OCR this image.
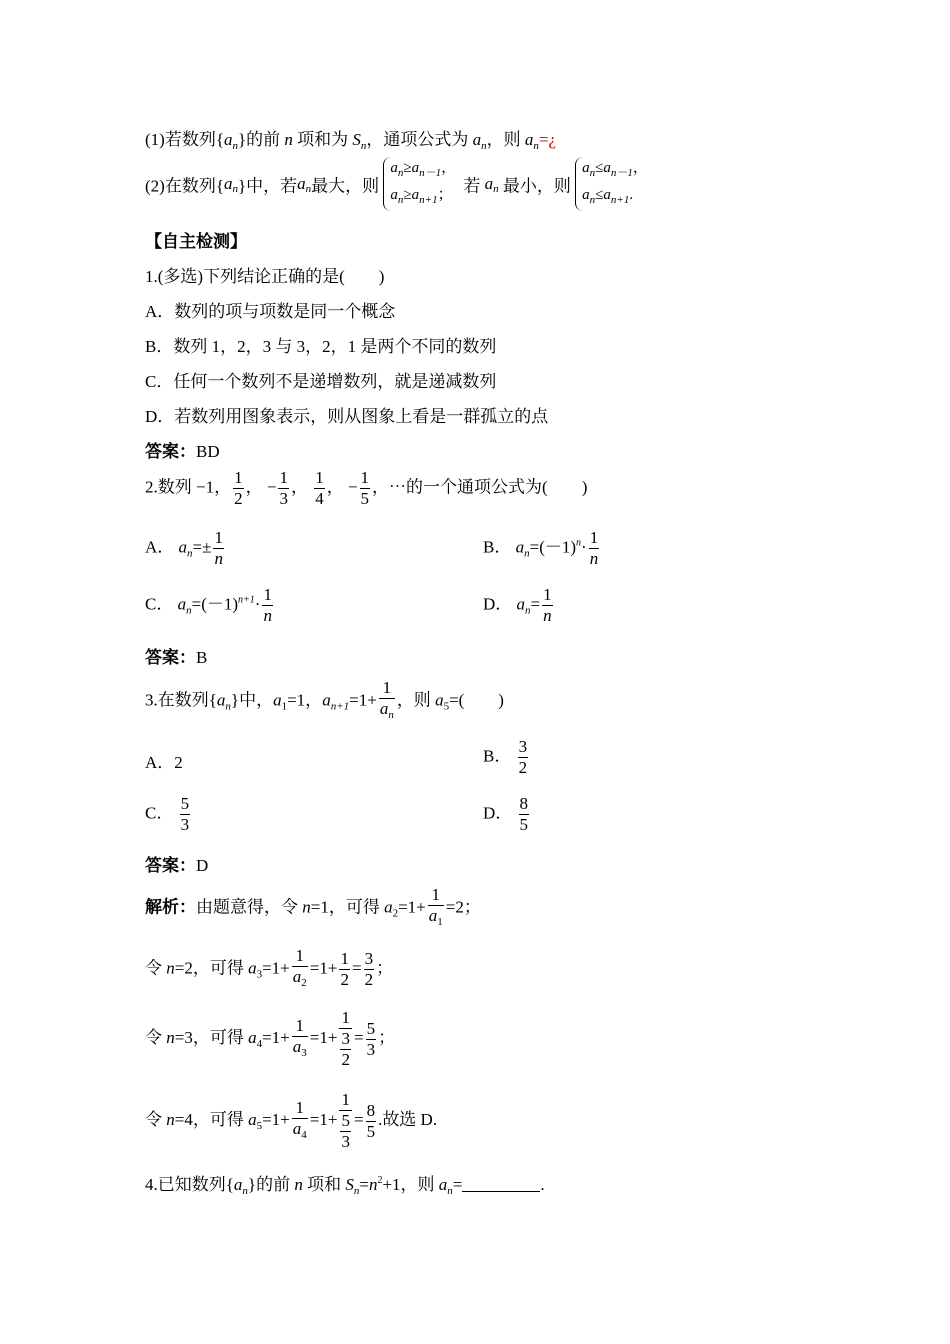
(1)若数列$\{a_n\}$的前 n 项和为 $S_n$，通项公式为 $a_n$，则 $a_n=¿$
(2)在数列$\{a_n\}$中，若$a_n$最大，则
$a_n\ge a_{n-1}$，
$a_n\ge a_{n+1}$； 若 $a_n$ 最小，则
$a_n\le a_{n-1}$，
$a_n\le a_{n+1}$.
【自主检测】
1.(多选)下列结论正确的是(　　)
A．数列的项与项数是同一个概念
B．数列 1，2，3 与 3，2，1 是两个不同的数列
C．任何一个数列不是递增数列，就是递减数列
D．若数列用图象表示，则从图象上看是一群孤立的点
答案：BD
2.数列 −1， $\frac{1}{2}$ ， − $\frac{1}{3}$ ， $\frac{1}{4}$ ， − $\frac{1}{5}$ ，⋯的一个通项公式为(　　)
A． $a_n=\pm \frac{1}{n}$	B． $a_n=(-1)^n\cdot \frac{1}{n}$
C． $a_n=(-1)^{n+1}\cdot \frac{1}{n}$	D． $a_n= \frac{1}{n}$
答案：B
3.在数列$\{a_n\}$中，$a_1=1$，$a_{n+1}=1+ \frac{1}{a_n}$ ，则 $a_5=$(　　)
A．2	B． $\frac{3}{2}$
C． $\frac{5}{3}$	D． $\frac{8}{5}$
答案：D
解析：由题意得，令 n=1，可得 $a_2=1+ \frac{1}{a_1} =2$；
令 n=2，可得 $a_3=1+ \frac{1}{a_2} =1+ \frac{1}{2} = \frac{3}{2}$ ；
令 n=3，可得 $a_4=1+ \frac{1}{a_3} =1+ \frac{1}{\frac{3}{2}} = \frac{5}{3}$ ；
令 n=4，可得 $a_5=1+ \frac{1}{a_4} =1+ \frac{1}{\frac{5}{3}} = \frac{8}{5}$ .故选 D.
4.已知数列$\{a_n\}$的前 n 项和 $S_n=n^2+1$，则 $a_n=$	.
